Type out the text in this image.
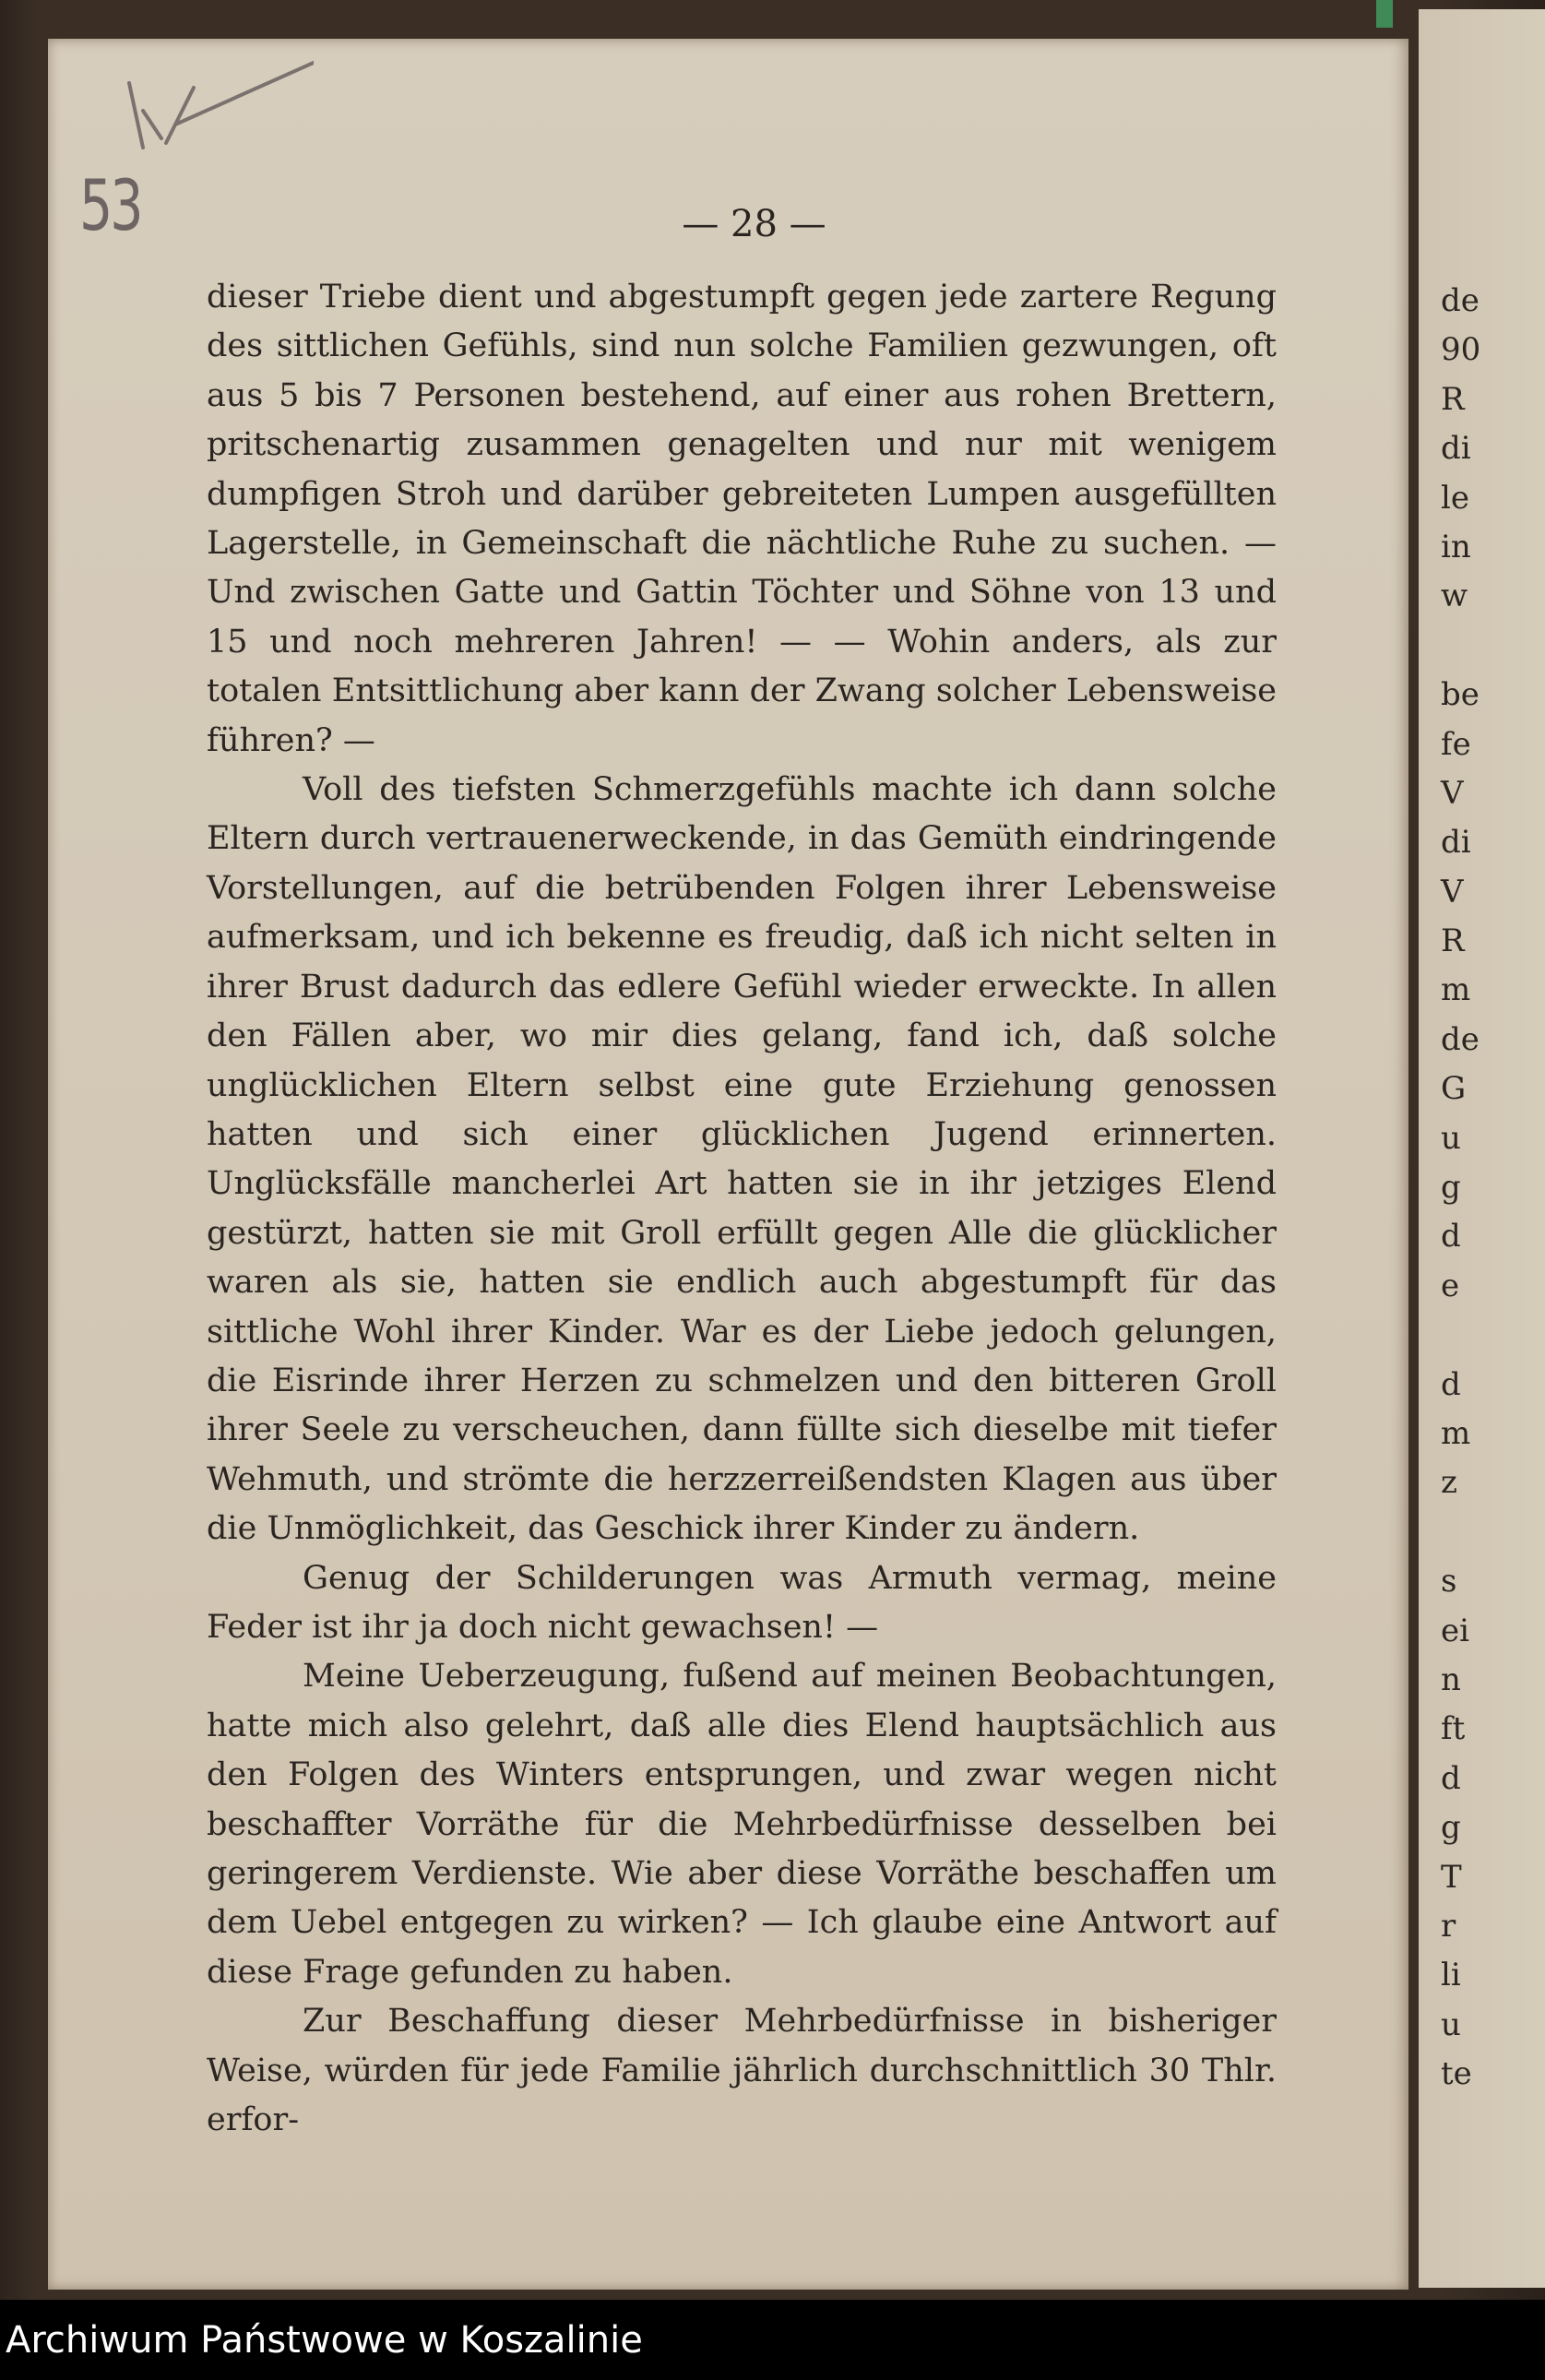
53	— 28 —

dieser Triebe dient und abgestumpft gegen jede zartere Regung des sittlichen Gefühls, sind nun solche Familien gezwungen, oft aus 5 bis 7 Personen bestehend, auf einer aus rohen Brettern, pritschenartig zusammen genagelten und nur mit wenigem dumpfigen Stroh und darüber gebreiteten Lumpen ausgefüllten Lagerstelle, in Gemeinschaft die nächtliche Ruhe zu suchen. — Und zwischen Gatte und Gattin Töchter und Söhne von 13 und 15 und noch mehreren Jahren! — — Wohin anders, als zur totalen Entsittlichung aber kann der Zwang solcher Lebensweise führen? —

Voll des tiefsten Schmerzgefühls machte ich dann solche Eltern durch vertrauenerweckende, in das Gemüth eindringende Vorstellungen, auf die betrübenden Folgen ihrer Lebensweise aufmerksam, und ich bekenne es freudig, daß ich nicht selten in ihrer Brust dadurch das edlere Gefühl wieder erweckte. In allen den Fällen aber, wo mir dies gelang, fand ich, daß solche unglücklichen Eltern selbst eine gute Erziehung genossen hatten und sich einer glücklichen Jugend erinnerten. Unglücksfälle mancherlei Art hatten sie in ihr jetziges Elend gestürzt, hatten sie mit Groll erfüllt gegen Alle die glücklicher waren als sie, hatten sie endlich auch abgestumpft für das sittliche Wohl ihrer Kinder. War es der Liebe jedoch gelungen, die Eisrinde ihrer Herzen zu schmelzen und den bitteren Groll ihrer Seele zu verscheuchen, dann füllte sich dieselbe mit tiefer Wehmuth, und strömte die herzzerreißendsten Klagen aus über die Unmöglichkeit, das Geschick ihrer Kinder zu ändern.

Genug der Schilderungen was Armuth vermag, meine Feder ist ihr ja doch nicht gewachsen! —

Meine Ueberzeugung, fußend auf meinen Beobachtungen, hatte mich also gelehrt, daß alle dies Elend hauptsächlich aus den Folgen des Winters entsprungen, und zwar wegen nicht beschaffter Vorräthe für die Mehrbedürfnisse desselben bei geringerem Verdienste. Wie aber diese Vorräthe beschaffen um dem Uebel entgegen zu wirken? — Ich glaube eine Antwort auf diese Frage gefunden zu haben.

Zur Beschaffung dieser Mehrbedürfnisse in bisheriger Weise, würden für jede Familie jährlich durchschnittlich 30 Thlr. erfor-

de
90
R
di
le
in
w
be
fe
V
di
V
R
m
de
G
u
g
d
e
d
m
z
s
ei
n
ft
d
g
T
r
li
u
te
Archiwum Państwowe w Koszalinie
